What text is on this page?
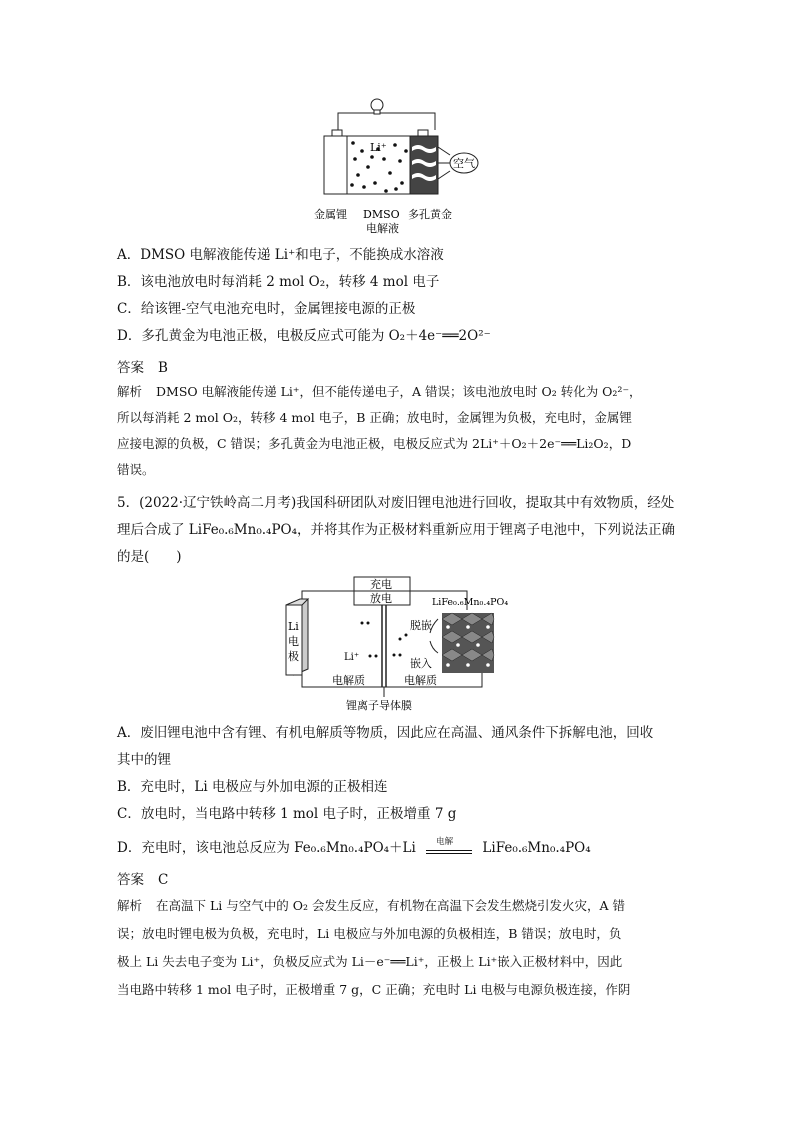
Li⁺
空气
金属锂 DMSO
电解液
多孔黄金
A．DMSO 电解液能传递 Li⁺和电子，不能换成水溶液
B．该电池放电时每消耗 2 mol O₂，转移 4 mol 电子
C．给该锂-空气电池充电时，金属锂接电源的正极
D．多孔黄金为电池正极，电极反应式可能为 O₂＋4e⁻══2O²⁻
答案 B
解析 DMSO 电解液能传递 Li⁺，但不能传递电子，A 错误；该电池放电时 O₂ 转化为 O₂²⁻，
所以每消耗 2 mol O₂，转移 4 mol 电子，B 正确；放电时，金属锂为负极，充电时，金属锂
应接电源的负极，C 错误；多孔黄金为电池正极，电极反应式为 2Li⁺＋O₂＋2e⁻══Li₂O₂，D
错误。
5．(2022·辽宁铁岭高二月考)我国科研团队对废旧锂电池进行回收，提取其中有效物质，经处
理后合成了 LiFe₀.₆Mn₀.₄PO₄，并将其作为正极材料重新应用于锂离子电池中，下列说法正确
的是(　　)
充电
放电
Li
电
极
LiFe₀.₆Mn₀.₄PO₄
脱嵌
嵌入
Li⁺
电解质	电解质
锂离子导体膜
A．废旧锂电池中含有锂、有机电解质等物质，因此应在高温、通风条件下拆解电池，回收
其中的锂
B．充电时，Li 电极应与外加电源的正极相连
C．放电时，当电路中转移 1 mol 电子时，正极增重 7 g
D．充电时，该电池总反应为 Fe₀.₆Mn₀.₄PO₄＋Li 电解 LiFe₀.₆Mn₀.₄PO₄
答案 C
解析 在高温下 Li 与空气中的 O₂ 会发生反应，有机物在高温下会发生燃烧引发火灾，A 错
误；放电时锂电极为负极，充电时，Li 电极应与外加电源的负极相连，B 错误；放电时，负
极上 Li 失去电子变为 Li⁺，负极反应式为 Li－e⁻══Li⁺，正极上 Li⁺嵌入正极材料中，因此
当电路中转移 1 mol 电子时，正极增重 7 g，C 正确；充电时 Li 电极与电源负极连接，作阴
